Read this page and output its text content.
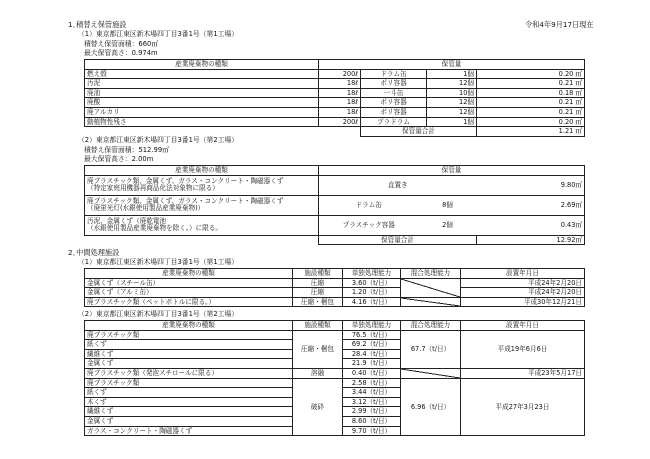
1､積替え保管施設	令和4年9月17日現在
（1）東京都江東区新木場四丁目3番1号（第1工場）
積替え保管面積：660㎡
最大保管高さ：0.974m
産業廃棄物の種類	保管量			
燃え殻	200ℓ	ドラム缶	1個	0.20 ㎥
汚泥	18ℓ	ポリ容器	12個	0.21 ㎥
廃油	18ℓ	一斗缶	10個	0.18 ㎥
廃酸	18ℓ	ポリ容器	12個	0.21 ㎥
廃アルカリ	18ℓ	ポリ容器	12個	0.21 ㎥
動植物性残さ	200ℓ	プラドラム	1個	0.20 ㎥
		保管量合計		1.21 ㎥
（2）東京都江東区新木場四丁目3番1号（第2工場）
積替え保管面積：512.99㎡
最大保管高さ：2.00m
産業廃棄物の種類	保管量		
廃プラスチック類、金属くず、ガラス・コンクリート・陶磁器くず
（特定家庭用機器再商品化法対象物に限る）	直置き		9.80㎡
廃プラスチック類、金属くず、ガラス・コンクリート・陶磁器くず
（廃蛍光灯(水銀使用製品産業廃棄物)）	ドラム缶	8個	2.69㎥
汚泥、金属くず（廃乾電池
（水銀使用製品産業廃棄物を除く。）に限る。	プラスチック容器	2個	0.43㎥
	保管量合計		12.92㎥
2､中間処理施設
（1）東京都江東区新木場四丁目3番1号（第1工場）
産業廃棄物の種類	施設種類	単独処理能力	混合処理能力	設置年月日
金属くず（スチール缶）	圧縮	3.60（t/日）		平成24年2月20日
金属くず（アルミ缶）	圧縮	1.20（t/日）		平成24年2月20日
廃プラスチック類（ペットボトルに限る。）	圧縮・梱包	4.16（t/日）		平成30年12月21日
（2）東京都江東区新木場四丁目3番1号（第2工場）
産業廃棄物の種類	施設種類	単独処理能力	混合処理能力	設置年月日
廃プラスチック類	圧縮・梱包	76.5（t/日）	67.7（t/日）	平成19年6月6日
紙くず		69.2（t/日）		
繊維くず		28.4（t/日）		
金属くず		21.9（t/日）		
廃プラスチック類（発泡スチロールに限る）	溶融	0.40（t/日）		平成23年5月17日
廃プラスチック類	破砕	2.58（t/日）	6.96（t/日）	平成27年3月23日
紙くず		3.44（t/日）		
木くず		3.12（t/日）		
繊維くず		2.99（t/日）		
金属くず		8.60（t/日）		
ガラス・コンクリート・陶磁器くず		9.70（t/日）		
